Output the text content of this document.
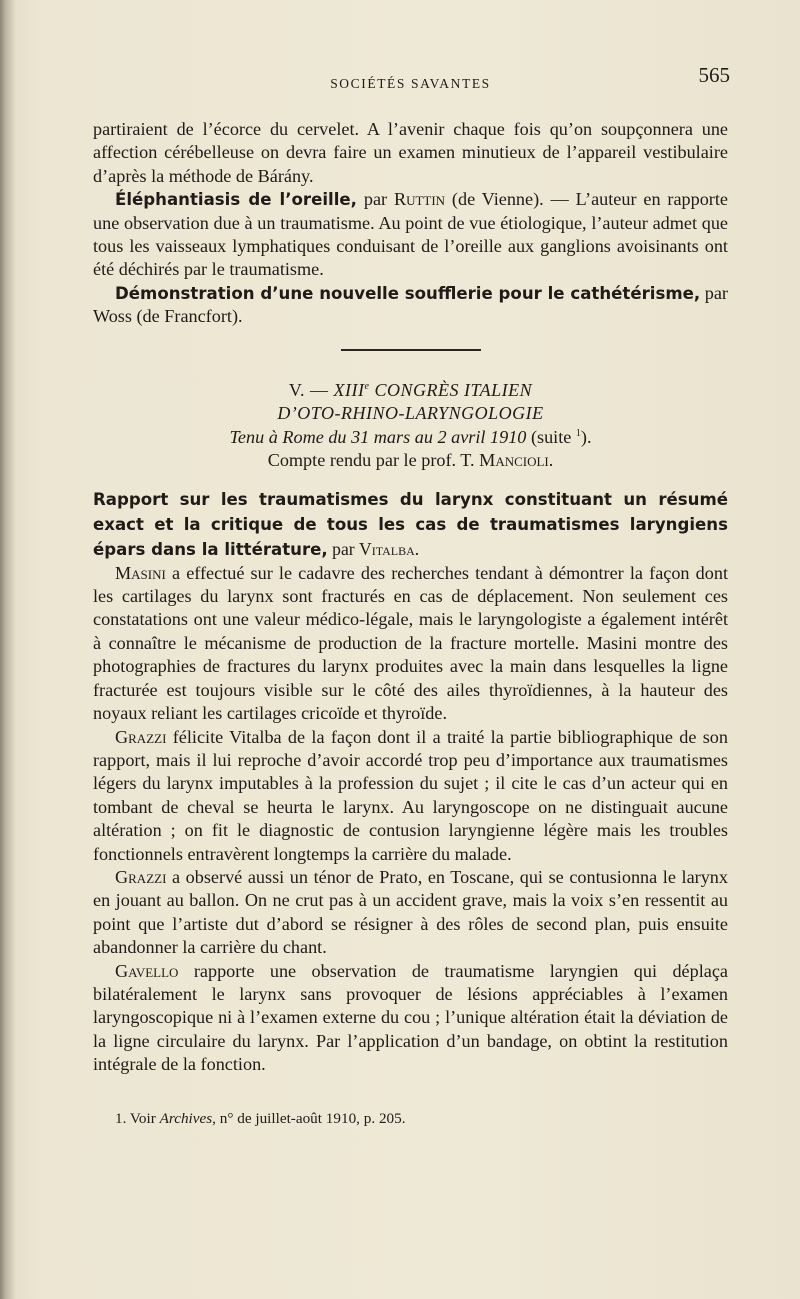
SOCIÉTÉS SAVANTES	565

partiraient de l’écorce du cervelet. A l’avenir chaque fois qu’on soupçonnera une affection cérébelleuse on devra faire un examen minutieux de l’appareil vestibulaire d’après la méthode de Bárány.

Éléphantiasis de l’oreille, par Ruttin (de Vienne). — L’auteur en rapporte une observation due à un traumatisme. Au point de vue étiologique, l’auteur admet que tous les vaisseaux lymphatiques conduisant de l’oreille aux ganglions avoisinants ont été déchirés par le traumatisme.

Démonstration d’une nouvelle soufflerie pour le cathétérisme, par Woss (de Francfort).

V. — XIIIe CONGRÈS ITALIEN
D’OTO-RHINO-LARYNGOLOGIE
Tenu à Rome du 31 mars au 2 avril 1910 (suite $^1$).
Compte rendu par le prof. T. Mancioli.

Rapport sur les traumatismes du larynx constituant un résumé exact et la critique de tous les cas de traumatismes laryngiens épars dans la littérature, par Vitalba.

Masini a effectué sur le cadavre des recherches tendant à démontrer la façon dont les cartilages du larynx sont fracturés en cas de déplacement. Non seulement ces constatations ont une valeur médico-légale, mais le laryngologiste a également intérêt à connaître le mécanisme de production de la fracture mortelle. Masini montre des photographies de fractures du larynx produites avec la main dans lesquelles la ligne fracturée est toujours visible sur le côté des ailes thyroïdiennes, à la hauteur des noyaux reliant les cartilages cricoïde et thyroïde.

Grazzi félicite Vitalba de la façon dont il a traité la partie bibliographique de son rapport, mais il lui reproche d’avoir accordé trop peu d’importance aux traumatismes légers du larynx imputables à la profession du sujet ; il cite le cas d’un acteur qui en tombant de cheval se heurta le larynx. Au laryngoscope on ne distinguait aucune altération ; on fit le diagnostic de contusion laryngienne légère mais les troubles fonctionnels entravèrent longtemps la carrière du malade.

Grazzi a observé aussi un ténor de Prato, en Toscane, qui se contusionna le larynx en jouant au ballon. On ne crut pas à un accident grave, mais la voix s’en ressentit au point que l’artiste dut d’abord se résigner à des rôles de second plan, puis ensuite abandonner la carrière du chant.

Gavello rapporte une observation de traumatisme laryngien qui déplaça bilatéralement le larynx sans provoquer de lésions appréciables à l’examen laryngoscopique ni à l’examen externe du cou ; l’unique altération était la déviation de la ligne circulaire du larynx. Par l’application d’un bandage, on obtint la restitution intégrale de la fonction.

1. Voir Archives, n° de juillet-août 1910, p. 205.
